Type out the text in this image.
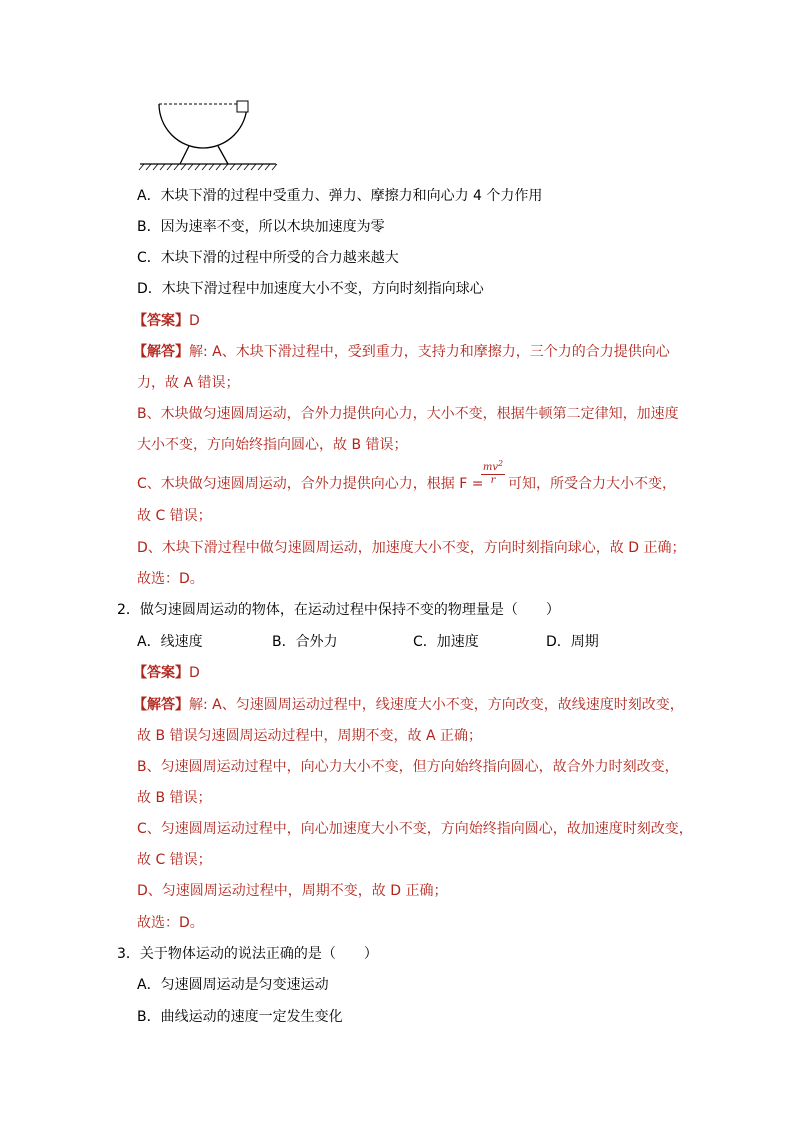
A．木块下滑的过程中受重力、弹力、摩擦力和向心力 4 个力作用
B．因为速率不变，所以木块加速度为零
C．木块下滑的过程中所受的合力越来越大
D．木块下滑过程中加速度大小不变，方向时刻指向球心
【答案】D
【解答】解: A、木块下滑过程中，受到重力，支持力和摩擦力，三个力的合力提供向心
力，故 A 错误；
B、木块做匀速圆周运动，合外力提供向心力，大小不变，根据牛顿第二定律知，加速度
大小不变，方向始终指向圆心，故 B 错误；
C、木块做匀速圆周运动，合外力提供向心力，根据 F =
$mv^2$
r 可知，所受合力大小不变，
故 C 错误；
D、木块下滑过程中做匀速圆周运动，加速度大小不变，方向时刻指向球心，故 D 正确；
故选：D。
2．做匀速圆周运动的物体，在运动过程中保持不变的物理量是（　　）
A．线速度	B．合外力	C．加速度	D．周期
【答案】D
【解答】解: A、匀速圆周运动过程中，线速度大小不变，方向改变，故线速度时刻改变，
故 B 错误匀速圆周运动过程中，周期不变，故 A 正确；
B、匀速圆周运动过程中，向心力大小不变，但方向始终指向圆心，故合外力时刻改变，
故 B 错误；
C、匀速圆周运动过程中，向心加速度大小不变，方向始终指向圆心，故加速度时刻改变，
故 C 错误；
D、匀速圆周运动过程中，周期不变，故 D 正确；
故选：D。
3．关于物体运动的说法正确的是（　　）
A．匀速圆周运动是匀变速运动
B．曲线运动的速度一定发生变化
